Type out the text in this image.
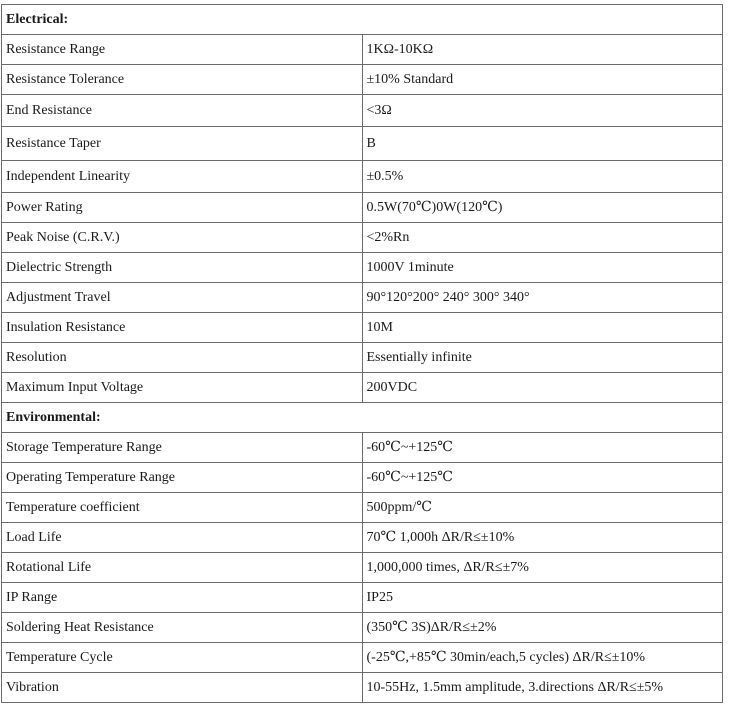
Electrical:	
Resistance Range	1KΩ-10KΩ
Resistance Tolerance	±10% Standard
End Resistance	<3Ω
Resistance Taper	B
Independent Linearity	±0.5%
Power Rating	0.5W(70℃)0W(120℃)
Peak Noise (C.R.V.)	<2%Rn
Dielectric Strength	1000V 1minute
Adjustment Travel	90°120°200° 240° 300° 340°
Insulation Resistance	10M
Resolution	Essentially infinite
Maximum Input Voltage	200VDC
Environmental:	
Storage Temperature Range	-60℃~+125℃
Operating Temperature Range	-60℃~+125℃
Temperature coefficient	500ppm/℃
Load Life	70℃ 1,000h ΔR/R≤±10%
Rotational Life	1,000,000 times, ΔR/R≤±7%
IP Range	IP25
Soldering Heat Resistance	(350℃ 3S)ΔR/R≤±2%
Temperature Cycle	(-25℃,+85℃ 30min/each,5 cycles) ΔR/R≤±10%
Vibration	10-55Hz, 1.5mm amplitude, 3.directions ΔR/R≤±5%
